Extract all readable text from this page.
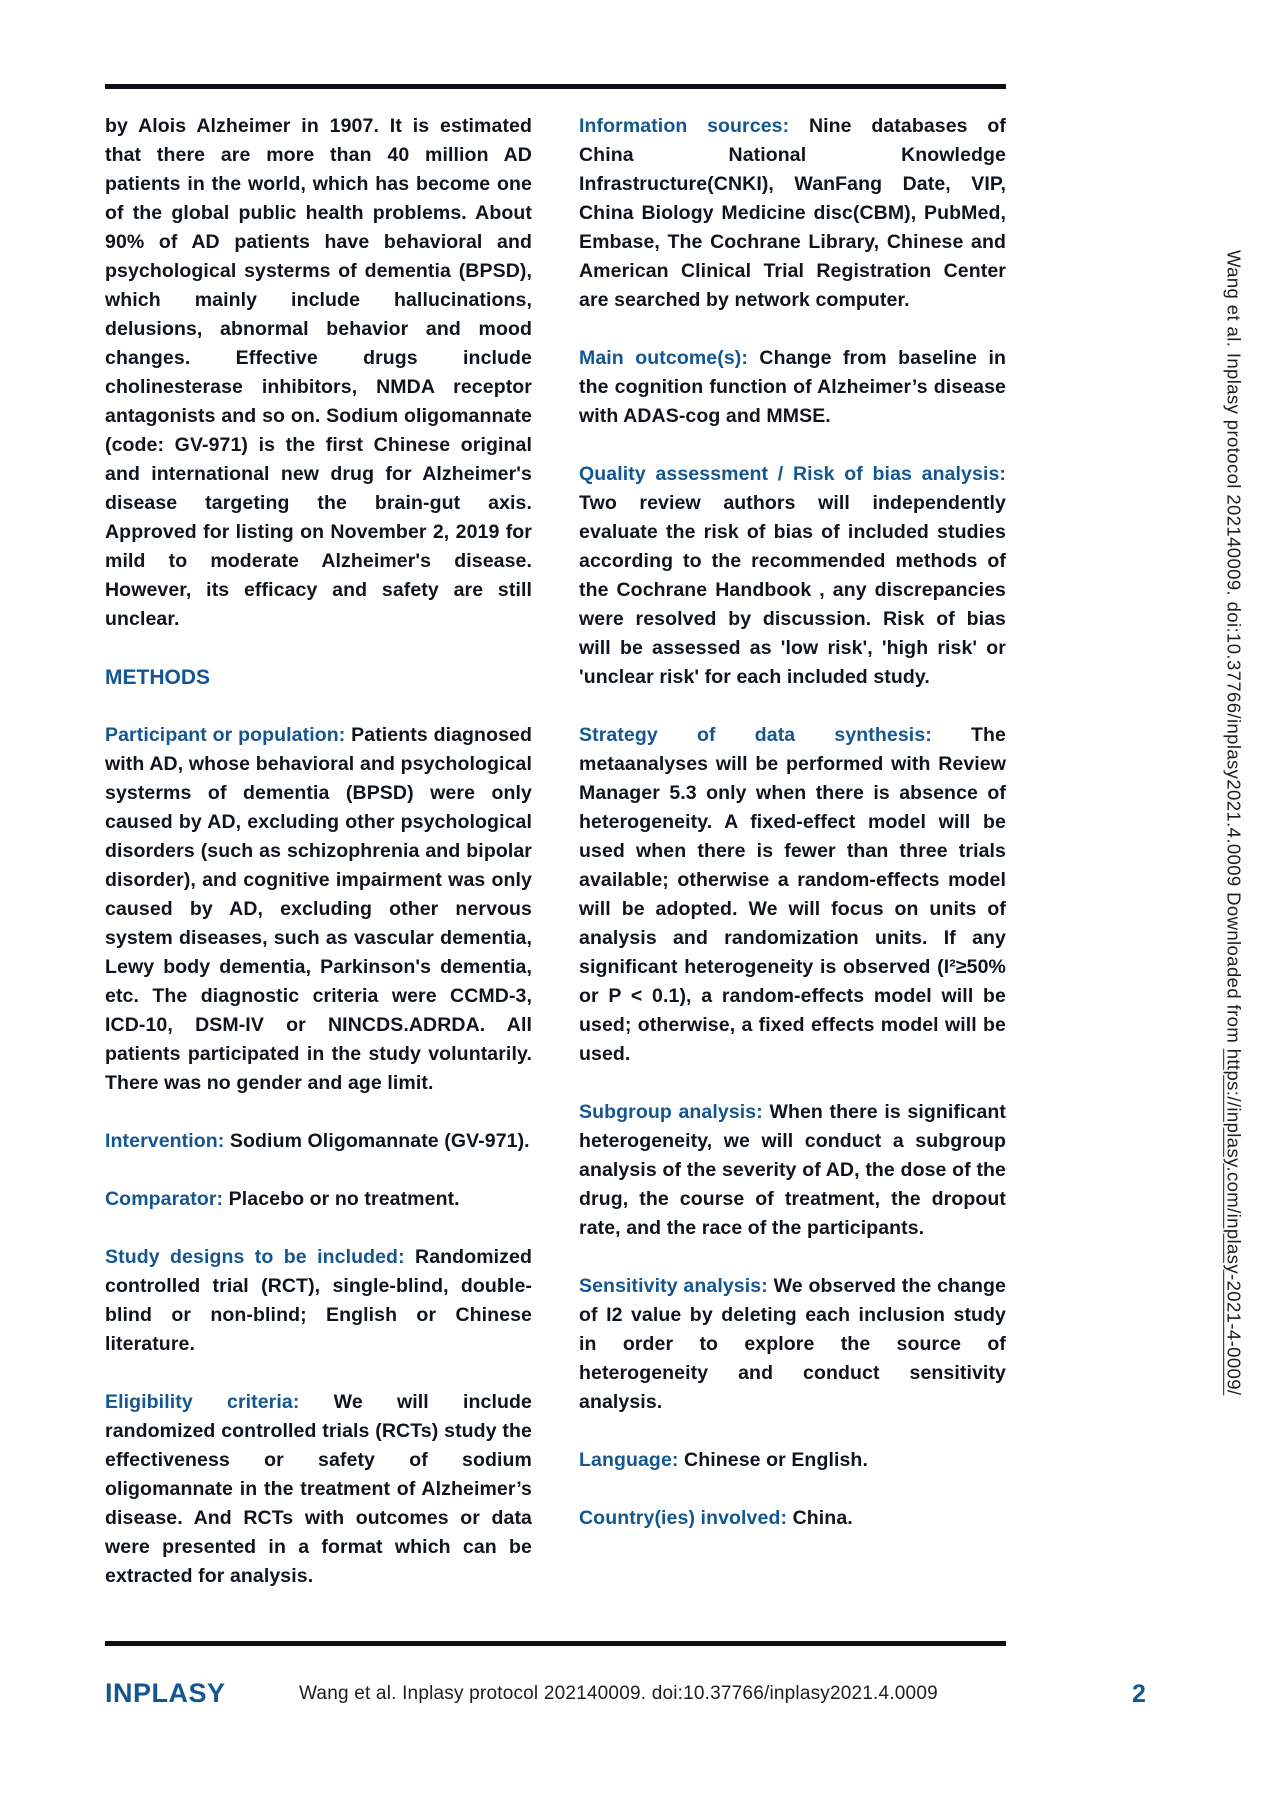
by Alois Alzheimer in 1907. It is estimated that there are more than 40 million AD patients in the world, which has become one of the global public health problems. About 90% of AD patients have behavioral and psychological systerms of dementia (BPSD), which mainly include hallucinations, delusions, abnormal behavior and mood changes. Effective drugs include cholinesterase inhibitors, NMDA receptor antagonists and so on. Sodium oligomannate (code: GV-971) is the first Chinese original and international new drug for Alzheimer's disease targeting the brain-gut axis. Approved for listing on November 2, 2019 for mild to moderate Alzheimer's disease. However, its efficacy and safety are still unclear.

METHODS

Participant or population: Patients diagnosed with AD, whose behavioral and psychological systerms of dementia (BPSD) were only caused by AD, excluding other psychological disorders (such as schizophrenia and bipolar disorder), and cognitive impairment was only caused by AD, excluding other nervous system diseases, such as vascular dementia, Lewy body dementia, Parkinson's dementia, etc. The diagnostic criteria were CCMD-3, ICD-10, DSM-IV or NINCDS.ADRDA. All patients participated in the study voluntarily. There was no gender and age limit.

Intervention: Sodium Oligomannate (GV-971).

Comparator: Placebo or no treatment.

Study designs to be included: Randomized controlled trial (RCT), single-blind, double-blind or non-blind; English or Chinese literature.

Eligibility criteria: We will include randomized controlled trials (RCTs) study the effectiveness or safety of sodium oligomannate in the treatment of Alzheimer’s disease. And RCTs with outcomes or data were presented in a format which can be extracted for analysis.

Information sources: Nine databases of China National Knowledge Infrastructure(CNKI), WanFang Date, VIP, China Biology Medicine disc(CBM), PubMed, Embase, The Cochrane Library, Chinese and American Clinical Trial Registration Center are searched by network computer.

Main outcome(s): Change from baseline in the cognition function of Alzheimer’s disease with ADAS-cog and MMSE.

Quality assessment / Risk of bias analysis: Two review authors will independently evaluate the risk of bias of included studies according to the recommended methods of the Cochrane Handbook , any discrepancies were resolved by discussion. Risk of bias will be assessed as 'low risk', 'high risk' or 'unclear risk' for each included study.

Strategy of data synthesis: The metaanalyses will be performed with Review Manager 5.3 only when there is absence of heterogeneity. A fixed-effect model will be used when there is fewer than three trials available; otherwise a random-effects model will be adopted. We will focus on units of analysis and randomization units. If any significant heterogeneity is observed (I²≥50% or P < 0.1), a random-effects model will be used; otherwise, a fixed effects model will be used.

Subgroup analysis: When there is significant heterogeneity, we will conduct a subgroup analysis of the severity of AD, the dose of the drug, the course of treatment, the dropout rate, and the race of the participants.

Sensitivity analysis: We observed the change of I2 value by deleting each inclusion study in order to explore the source of heterogeneity and conduct sensitivity analysis.

Language: Chinese or English.

Country(ies) involved: China.

Wang et al. Inplasy protocol 202140009. doi:10.37766/inplasy2021.4.0009 Downloaded from https://inplasy.com/inplasy-2021-4-0009/
INPLASY	Wang et al. Inplasy protocol 202140009. doi:10.37766/inplasy2021.4.0009	2
